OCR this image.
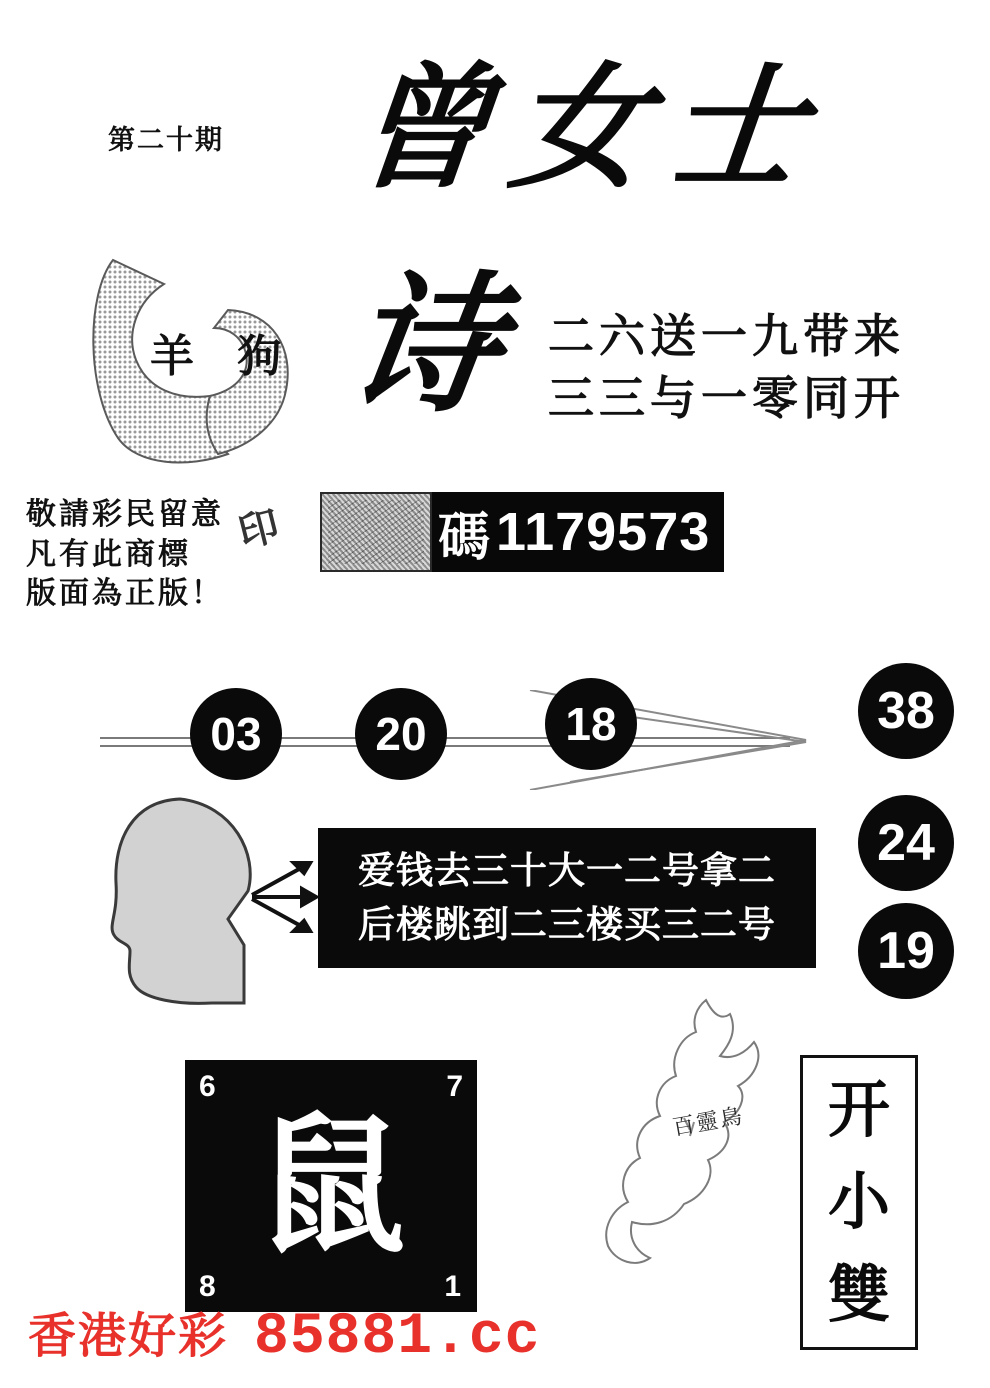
第二十期 曾女士
羊 狗 诗 二六送一九带来
三三与一零同开
敬請彩民留意
凡有此商標
版面為正版！
印	碼 1179573
03	20	18	38
24
19
爱钱去三十大一二号拿二
后楼跳到二三楼买三二号
6	7
鼠
8	1
百靈鳥 开
小
雙
香港好彩 85881.cc
